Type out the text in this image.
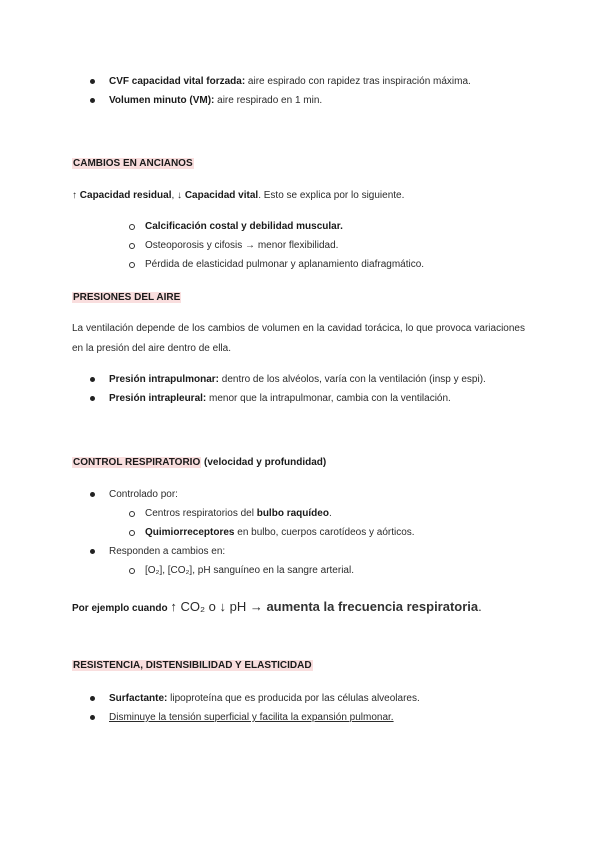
CVF capacidad vital forzada: aire espirado con rapidez tras inspiración máxima.
Volumen minuto (VM): aire respirado en 1 min.
CAMBIOS EN ANCIANOS
↑ Capacidad residual, ↓ Capacidad vital. Esto se explica por lo siguiente.
Calcificación costal y debilidad muscular.
Osteoporosis y cifosis → menor flexibilidad.
Pérdida de elasticidad pulmonar y aplanamiento diafragmático.
PRESIONES DEL AIRE
La ventilación depende de los cambios de volumen en la cavidad torácica, lo que provoca variaciones en la presión del aire dentro de ella.
Presión intrapulmonar: dentro de los alvéolos, varía con la ventilación (insp y espi).
Presión intrapleural: menor que la intrapulmonar, cambia con la ventilación.
CONTROL RESPIRATORIO (velocidad y profundidad)
Controlado por:
Centros respiratorios del bulbo raquídeo.
Quimiorreceptores en bulbo, cuerpos carotídeos y aórticos.
Responden a cambios en:
[O₂], [CO₂], pH sanguíneo en la sangre arterial.
Por ejemplo cuando ↑ CO₂ o ↓ pH → aumenta la frecuencia respiratoria.
RESISTENCIA, DISTENSIBILIDAD Y ELASTICIDAD
Surfactante: lipoproteína que es producida por las células alveolares.
Disminuye la tensión superficial y facilita la expansión pulmonar.
